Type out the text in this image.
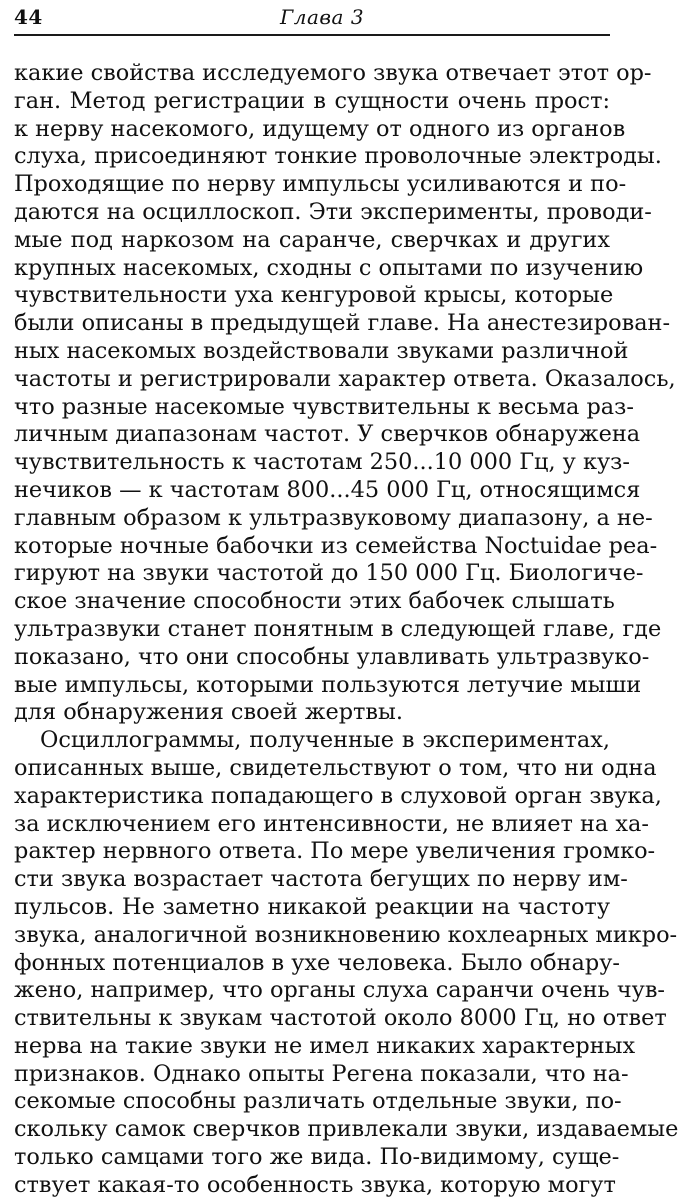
44	Глава 3
какие свойства исследуемого звука отвечает этот ор-
ган. Метод регистрации в сущности очень прост:
к нерву насекомого, идущему от одного из органов
слуха, присоединяют тонкие проволочные электроды.
Проходящие по нерву импульсы усиливаются и по-
даются на осциллоскоп. Эти эксперименты, проводи-
мые под наркозом на саранче, сверчках и других
крупных насекомых, сходны с опытами по изучению
чувствительности уха кенгуровой крысы, которые
были описаны в предыдущей главе. На анестезирован-
ных насекомых воздействовали звуками различной
частоты и регистрировали характер ответа. Оказалось,
что разные насекомые чувствительны к весьма раз-
личным диапазонам частот. У сверчков обнаружена
чувствительность к частотам 250...10 000 Гц, у куз-
нечиков — к частотам 800...45 000 Гц, относящимся
главным образом к ультразвуковому диапазону, а не-
которые ночные бабочки из семейства Noctuidae реа-
гируют на звуки частотой до 150 000 Гц. Биологиче-
ское значение способности этих бабочек слышать
ультразвуки станет понятным в следующей главе, где
показано, что они способны улавливать ультразвуко-
вые импульсы, которыми пользуются летучие мыши
для обнаружения своей жертвы.
Осциллограммы, полученные в экспериментах,
описанных выше, свидетельствуют о том, что ни одна
характеристика попадающего в слуховой орган звука,
за исключением его интенсивности, не влияет на ха-
рактер нервного ответа. По мере увеличения громко-
сти звука возрастает частота бегущих по нерву им-
пульсов. Не заметно никакой реакции на частоту
звука, аналогичной возникновению кохлеарных микро-
фонных потенциалов в ухе человека. Было обнару-
жено, например, что органы слуха саранчи очень чув-
ствительны к звукам частотой около 8000 Гц, но ответ
нерва на такие звуки не имел никаких характерных
признаков. Однако опыты Регена показали, что на-
секомые способны различать отдельные звуки, по-
скольку самок сверчков привлекали звуки, издаваемые
только самцами того же вида. По-видимому, суще-
ствует какая-то особенность звука, которую могут
